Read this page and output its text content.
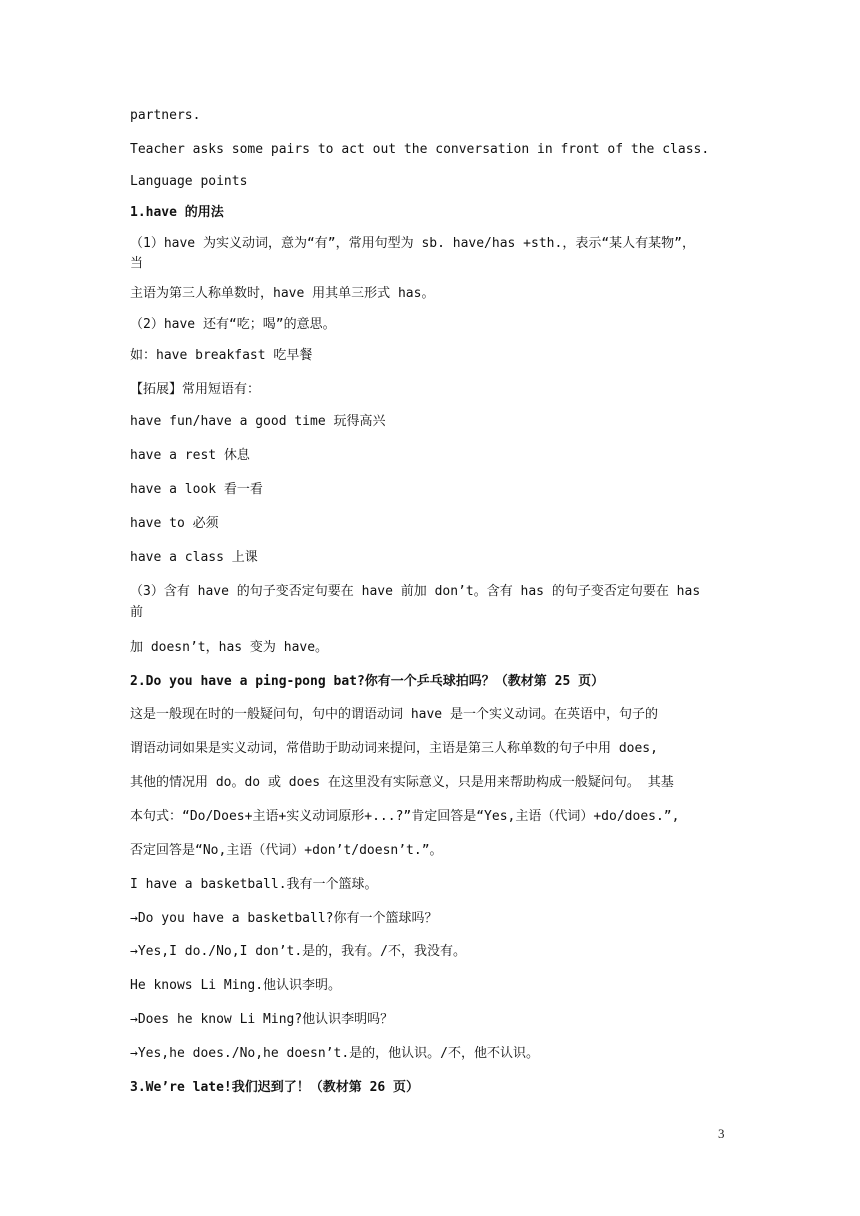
partners.
Teacher asks some pairs to act out the conversation in front of the class.
Language points
1.have 的用法
（1）have 为实义动词，意为“有”，常用句型为 sb. have/has +sth.，表示“某人有某物”，
当
主语为第三人称单数时，have 用其单三形式 has。
（2）have 还有“吃；喝”的意思。
如：have breakfast 吃早餐
【拓展】常用短语有：
have fun/have a good time 玩得高兴
have a rest 休息
have a look 看一看
have to 必须
have a class 上课
（3）含有 have 的句子变否定句要在 have 前加 don’t。含有 has 的句子变否定句要在 has
前
加 doesn’t，has 变为 have。
2.Do you have a ping-pong bat?你有一个乒乓球拍吗？（教材第 25 页）
这是一般现在时的一般疑问句，句中的谓语动词 have 是一个实义动词。在英语中，句子的
谓语动词如果是实义动词，常借助于助动词来提问，主语是第三人称单数的句子中用 does,
其他的情况用 do。do 或 does 在这里没有实际意义，只是用来帮助构成一般疑问句。 其基
本句式：“Do/Does+主语+实义动词原形+...?”肯定回答是“Yes,主语（代词）+do/does.”,
否定回答是“No,主语（代词）+don’t/doesn’t.”。
I have a basketball.我有一个篮球。
→Do you have a basketball?你有一个篮球吗？
→Yes,I do./No,I don’t.是的，我有。/不，我没有。
He knows Li Ming.他认识李明。
→Does he know Li Ming?他认识李明吗？
→Yes,he does./No,he doesn’t.是的，他认识。/不，他不认识。
3.We’re late!我们迟到了！（教材第 26 页）
3
